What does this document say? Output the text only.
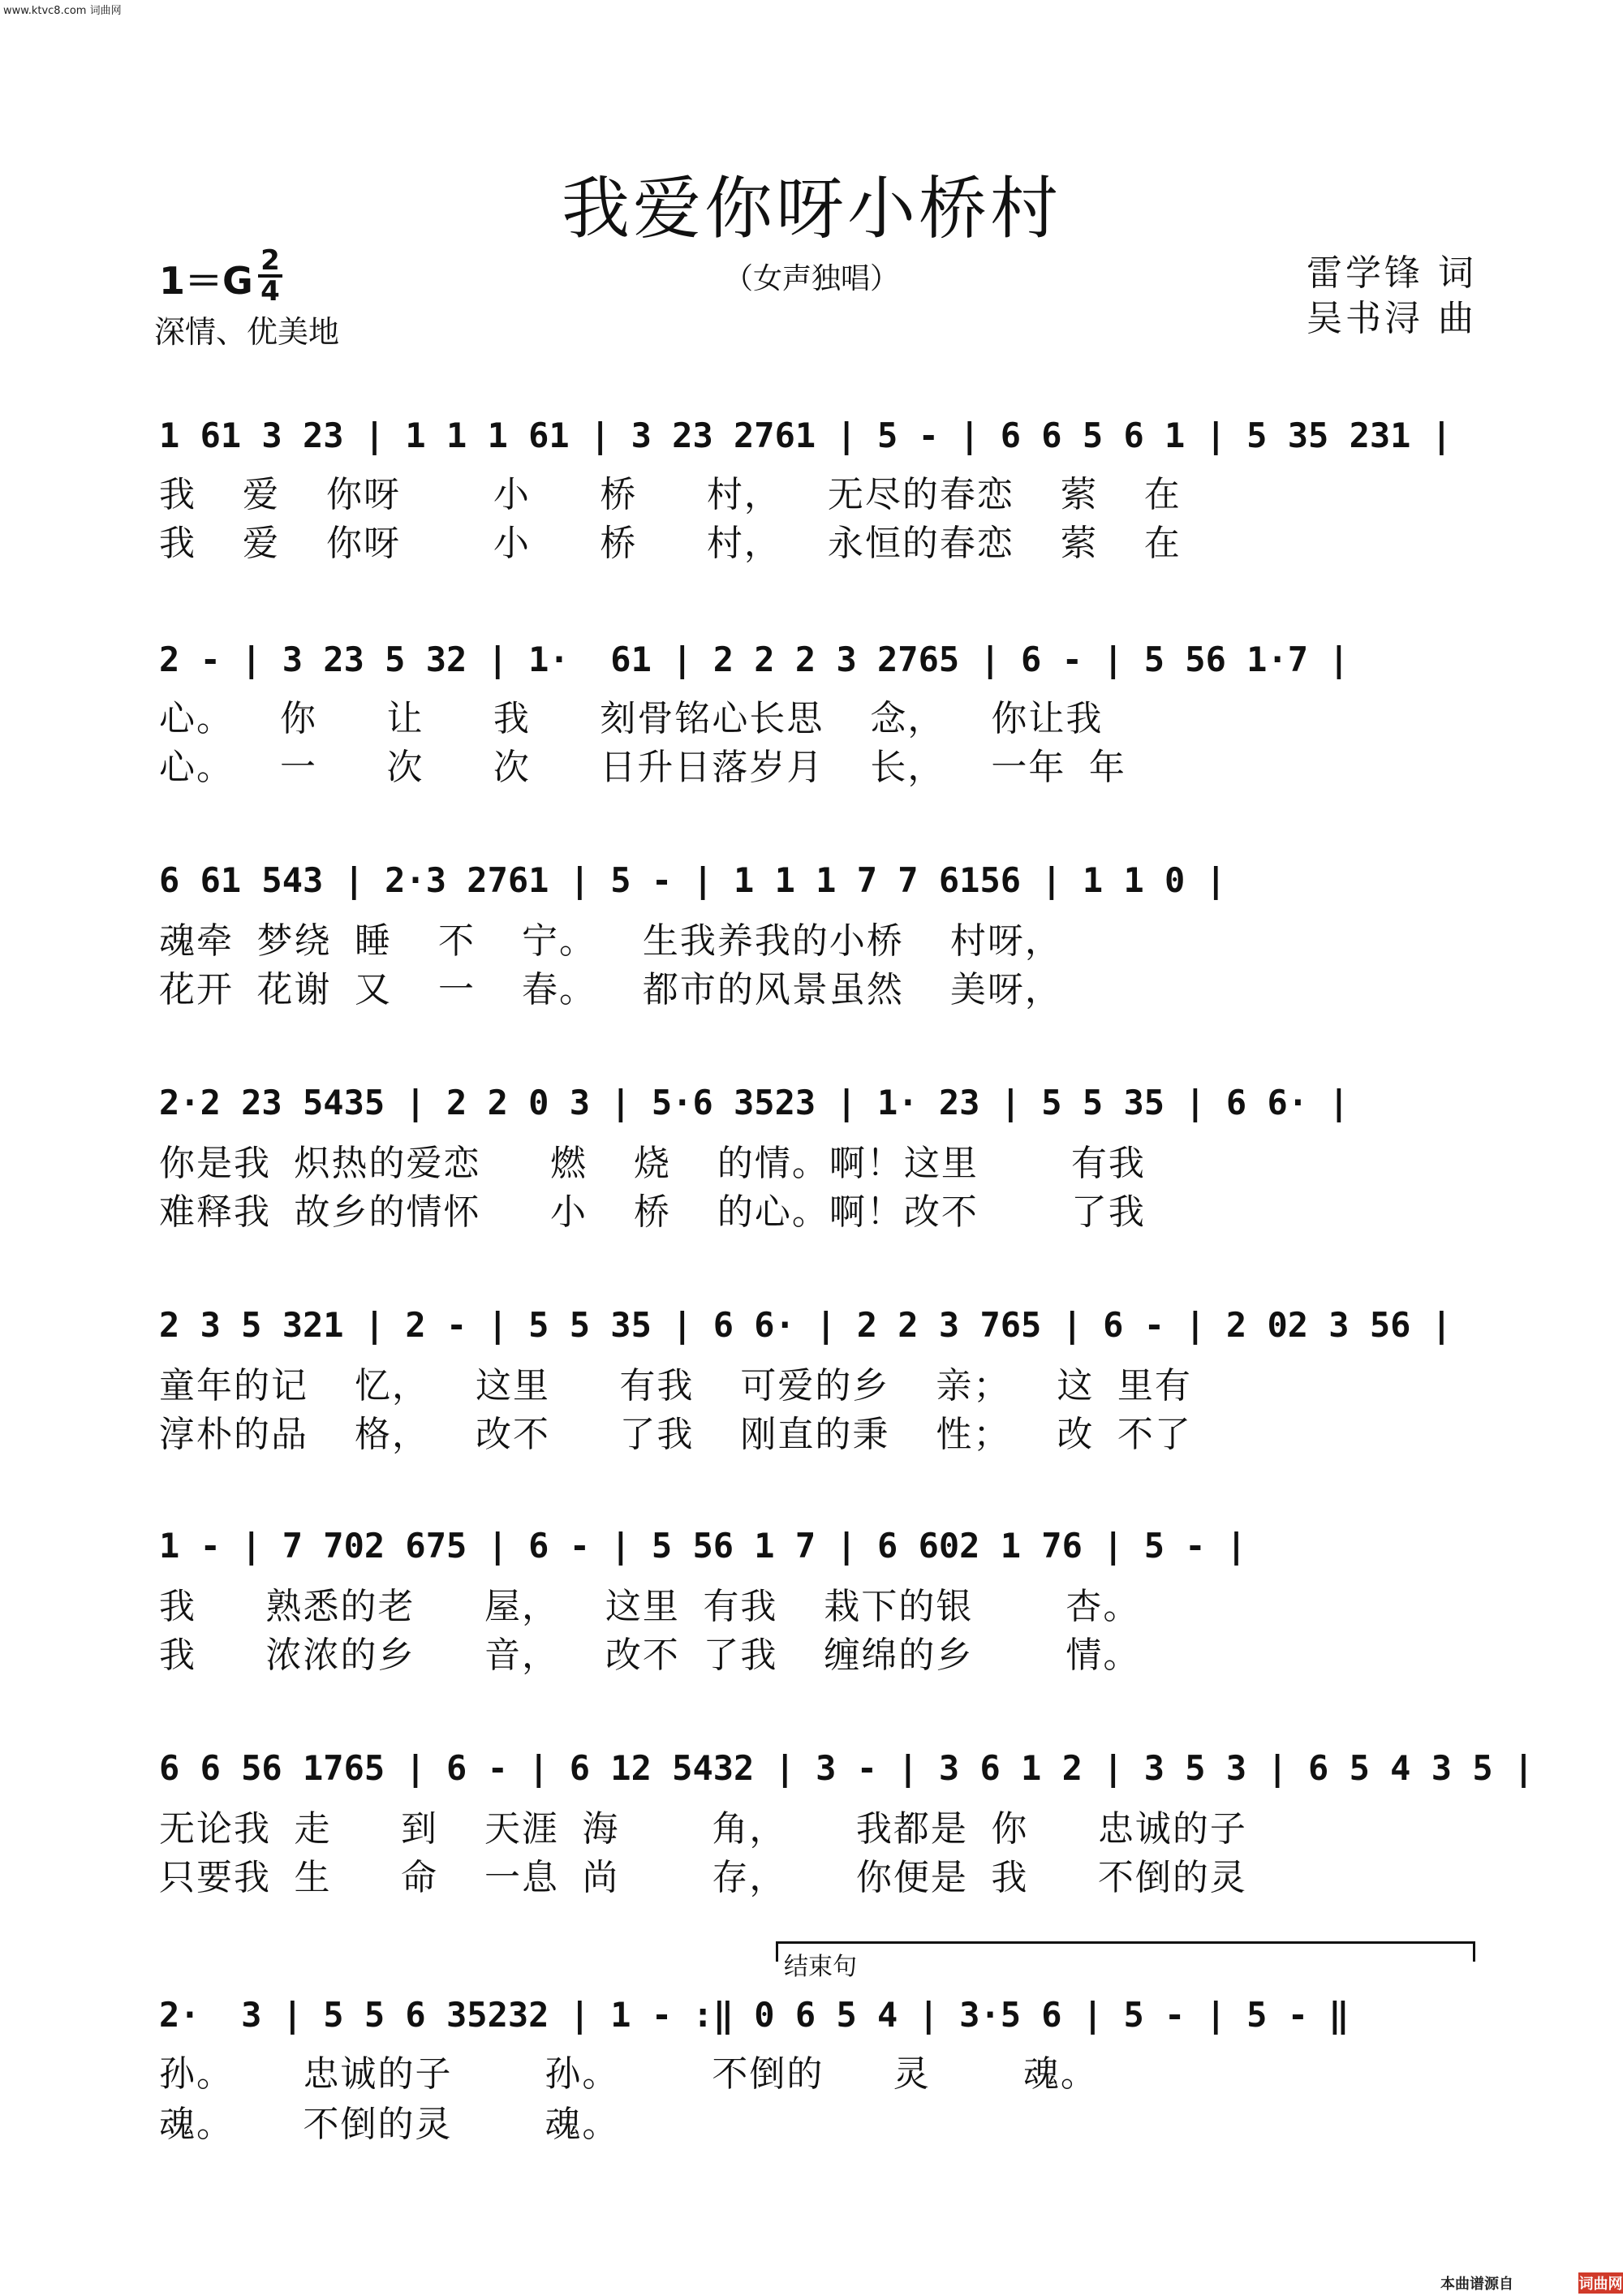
www.ktvc8.com 词曲网
我爱你呀小桥村
（女声独唱）
1＝G 2
4
深情、优美地
雷学锋 词
吴书浔 曲
1 61 3 23 | 1 1 1 61 | 3 23 2761 | 5 - | 6 6 5 6 1 | 5 35 231 |
我  爱  你呀    小   桥   村，  无尽的春恋  萦  在
我  爱  你呀    小   桥   村，  永恒的春恋  萦  在
2 - | 3 23 5 32 | 1·  61 | 2 2 2 3 2765 | 6 - | 5 56 1·7 |
心。  你   让   我   刻骨铭心长思  念，  你让我
心。  一   次   次   日升日落岁月  长，  一年 年
6 61 543 | 2·3 2761 | 5 - | 1 1 1 7 7 6156 | 1 1 0 |
魂牵 梦绕 睡  不  宁。  生我养我的小桥  村呀，
花开 花谢 又  一  春。  都市的风景虽然  美呀，
2·2 23 5435 | 2 2 0 3 | 5·6 3523 | 1· 23 | 5 5 35 | 6 6· |
你是我 炽热的爱恋   燃  烧  的情。啊！这里    有我
难释我 故乡的情怀   小  桥  的心。啊！改不    了我
2 3 5 321 | 2 - | 5 5 35 | 6 6· | 2 2 3 765 | 6 - | 2 02 3 56 |
童年的记  忆，  这里   有我  可爱的乡  亲；  这 里有
淳朴的品  格，  改不   了我  刚直的秉  性；  改 不了
1 - | 7 702 675 | 6 - | 5 56 1 7 | 6 602 1 76 | 5 - |
我   熟悉的老   屋，  这里 有我  栽下的银    杏。
我   浓浓的乡   音，  改不 了我  缠绵的乡    情。
6 6 56 1765 | 6 - | 6 12 5432 | 3 - | 3 6 1 2 | 3 5 3 | 6 5 4 3 5 |
无论我 走   到  天涯 海    角，   我都是 你   忠诚的子
只要我 生   命  一息 尚    存，   你便是 我   不倒的灵
结束句
2·  3 | 5 5 6 35232 | 1 - :‖ 0 6 5 4 | 3·5 6 | 5 - | 5 - ‖
孙。   忠诚的子    孙。    不倒的   灵    魂。
魂。   不倒的灵    魂。
本曲谱源自	词曲网
